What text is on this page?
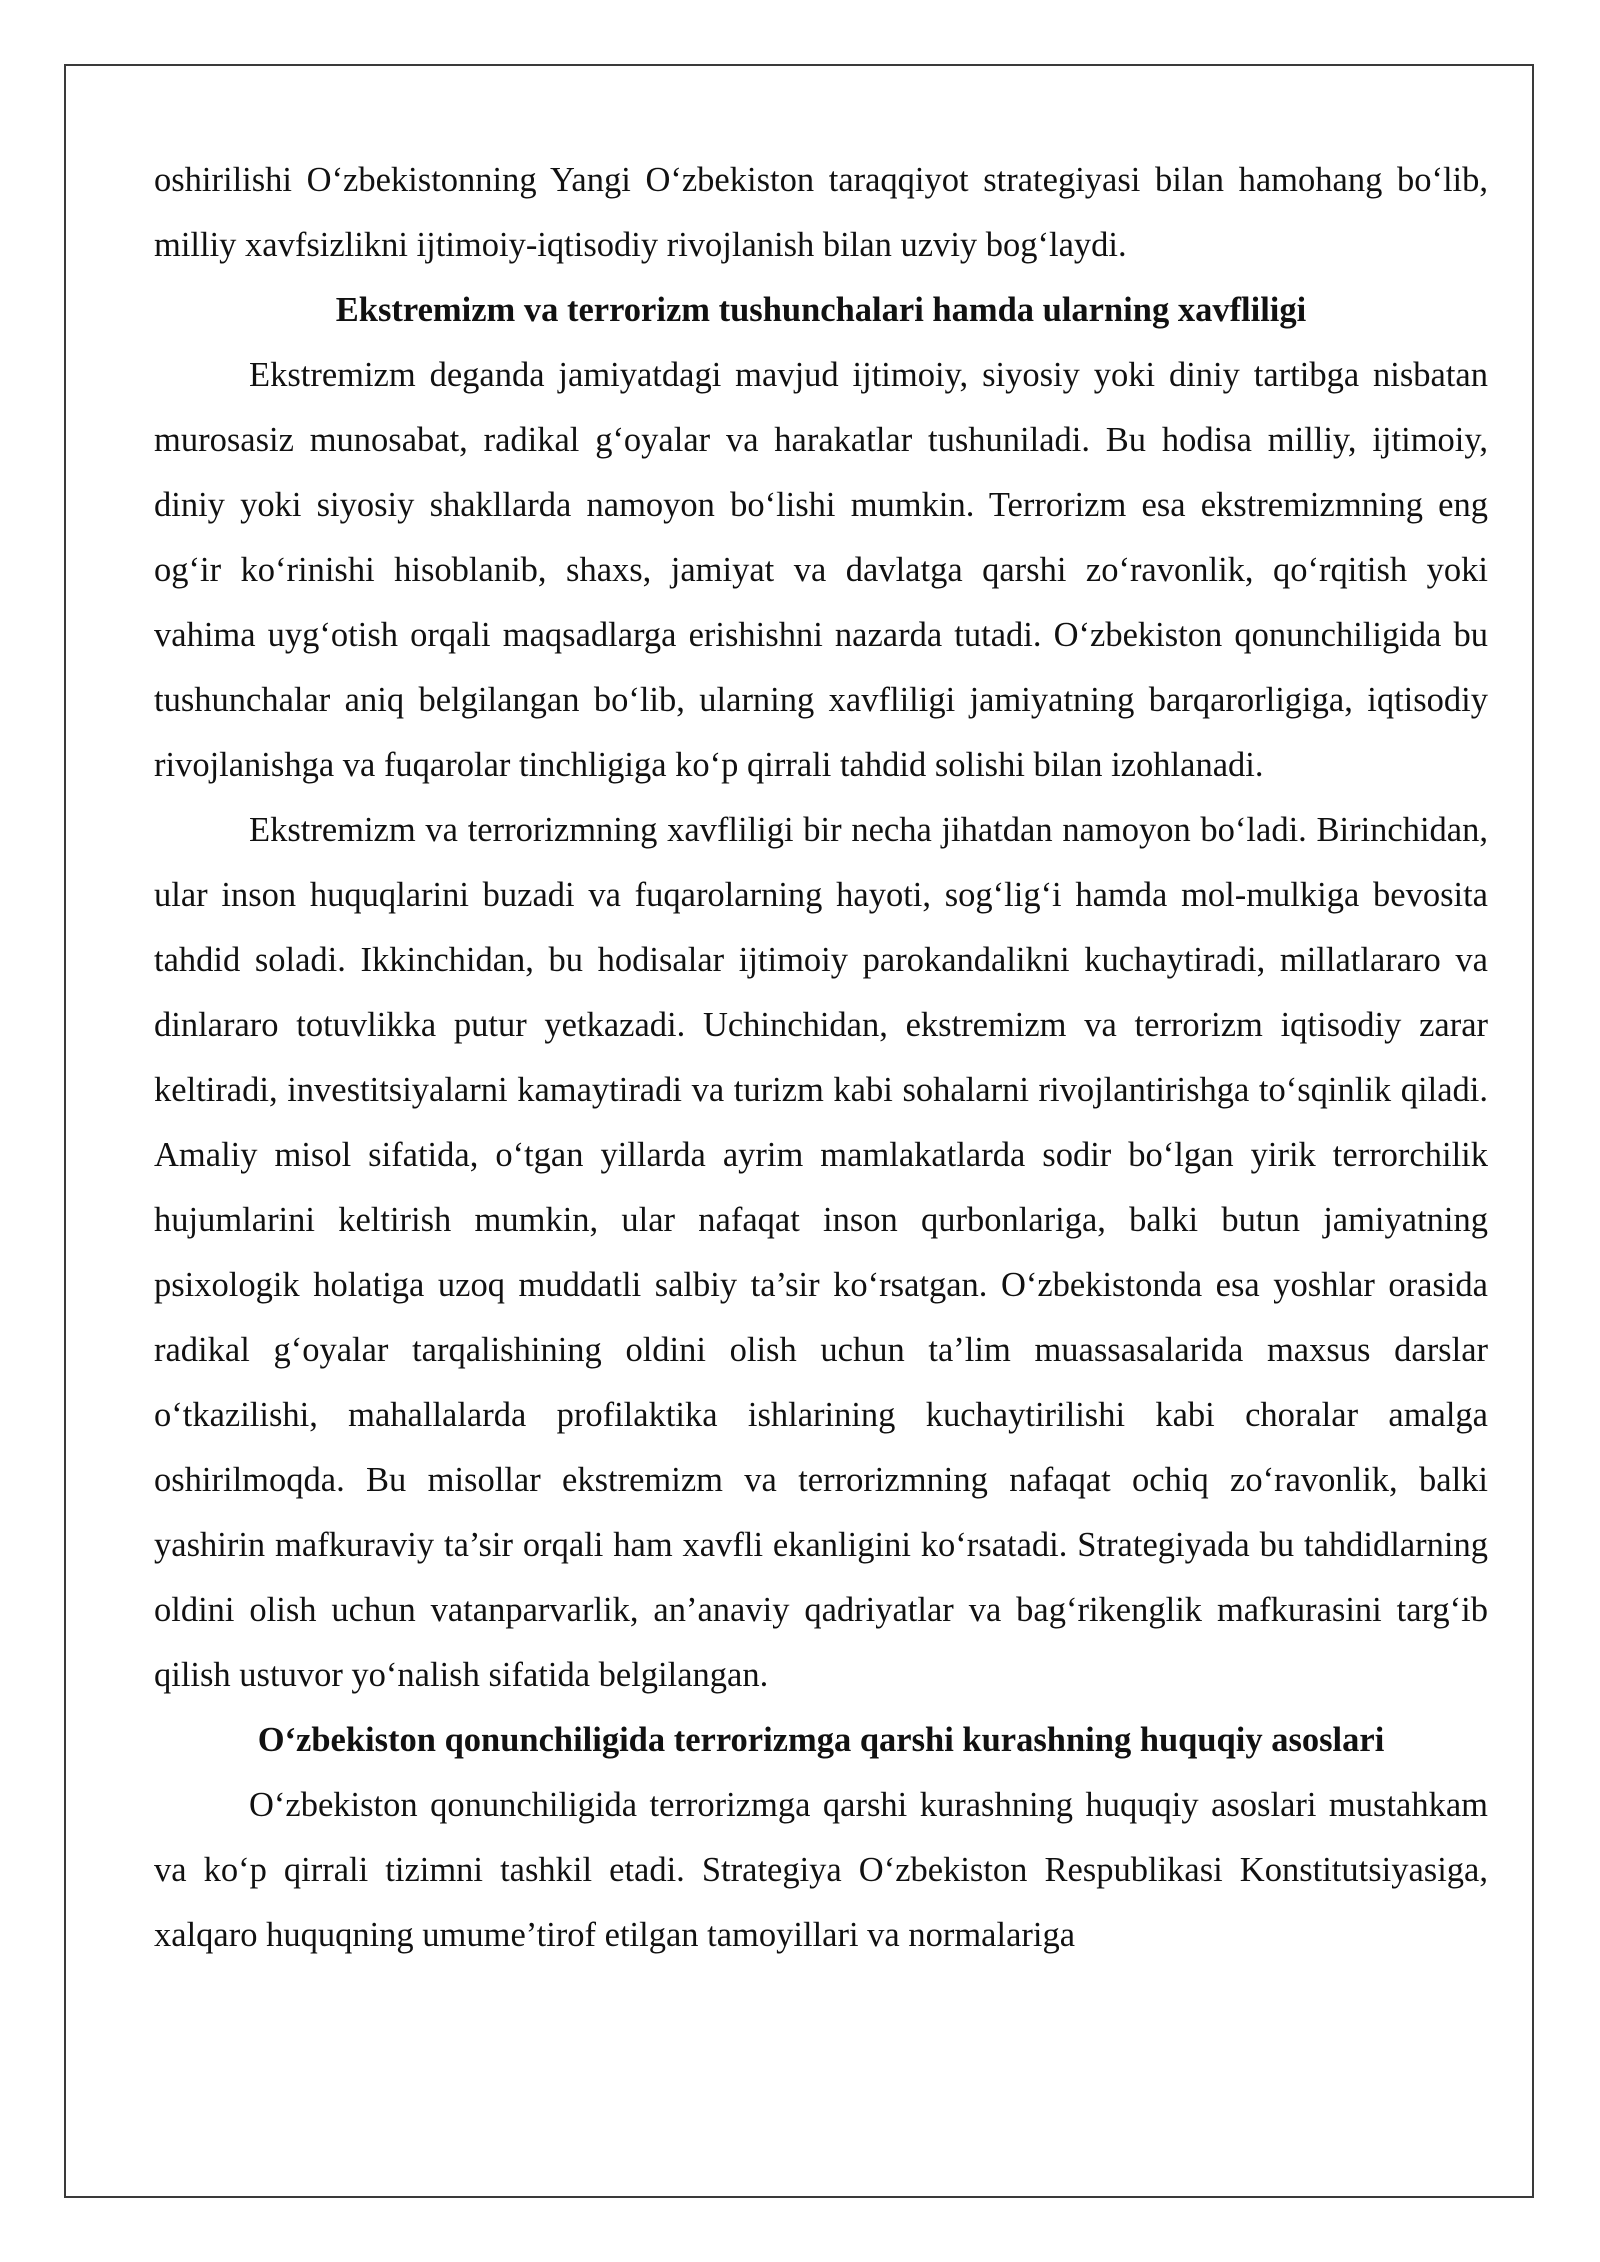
oshirilishi O‘zbekistonning Yangi O‘zbekiston taraqqiyot strategiyasi bilan hamohang bo‘lib, milliy xavfsizlikni ijtimoiy-iqtisodiy rivojlanish bilan uzviy bog‘laydi.

Ekstremizm va terrorizm tushunchalari hamda ularning xavfliligi

Ekstremizm deganda jamiyatdagi mavjud ijtimoiy, siyosiy yoki diniy tartibga nisbatan murosasiz munosabat, radikal g‘oyalar va harakatlar tushuniladi. Bu hodisa milliy, ijtimoiy, diniy yoki siyosiy shakllarda namoyon bo‘lishi mumkin. Terrorizm esa ekstremizmning eng og‘ir ko‘rinishi hisoblanib, shaxs, jamiyat va davlatga qarshi zo‘ravonlik, qo‘rqitish yoki vahima uyg‘otish orqali maqsadlarga erishishni nazarda tutadi. O‘zbekiston qonunchiligida bu tushunchalar aniq belgilangan bo‘lib, ularning xavfliligi jamiyatning barqarorligiga, iqtisodiy rivojlanishga va fuqarolar tinchligiga ko‘p qirrali tahdid solishi bilan izohlanadi.

Ekstremizm va terrorizmning xavfliligi bir necha jihatdan namoyon bo‘ladi. Birinchidan, ular inson huquqlarini buzadi va fuqarolarning hayoti, sog‘lig‘i hamda mol-mulkiga bevosita tahdid soladi. Ikkinchidan, bu hodisalar ijtimoiy parokandalikni kuchaytiradi, millatlararo va dinlararo totuvlikka putur yetkazadi. Uchinchidan, ekstremizm va terrorizm iqtisodiy zarar keltiradi, investitsiyalarni kamaytiradi va turizm kabi sohalarni rivojlantirishga to‘sqinlik qiladi. Amaliy misol sifatida, o‘tgan yillarda ayrim mamlakatlarda sodir bo‘lgan yirik terrorchilik hujumlarini keltirish mumkin, ular nafaqat inson qurbonlariga, balki butun jamiyatning psixologik holatiga uzoq muddatli salbiy ta’sir ko‘rsatgan. O‘zbekistonda esa yoshlar orasida radikal g‘oyalar tarqalishining oldini olish uchun ta’lim muassasalarida maxsus darslar o‘tkazilishi, mahallalarda profilaktika ishlarining kuchaytirilishi kabi choralar amalga oshirilmoqda. Bu misollar ekstremizm va terrorizmning nafaqat ochiq zo‘ravonlik, balki yashirin mafkuraviy ta’sir orqali ham xavfli ekanligini ko‘rsatadi. Strategiyada bu tahdidlarning oldini olish uchun vatanparvarlik, an’anaviy qadriyatlar va bag‘rikenglik mafkurasini targ‘ib qilish ustuvor yo‘nalish sifatida belgilangan.

O‘zbekiston qonunchiligida terrorizmga qarshi kurashning huquqiy asoslari

O‘zbekiston qonunchiligida terrorizmga qarshi kurashning huquqiy asoslari mustahkam va ko‘p qirrali tizimni tashkil etadi. Strategiya O‘zbekiston Respublikasi Konstitutsiyasiga, xalqaro huquqning umume’tirof etilgan tamoyillari va normalariga
